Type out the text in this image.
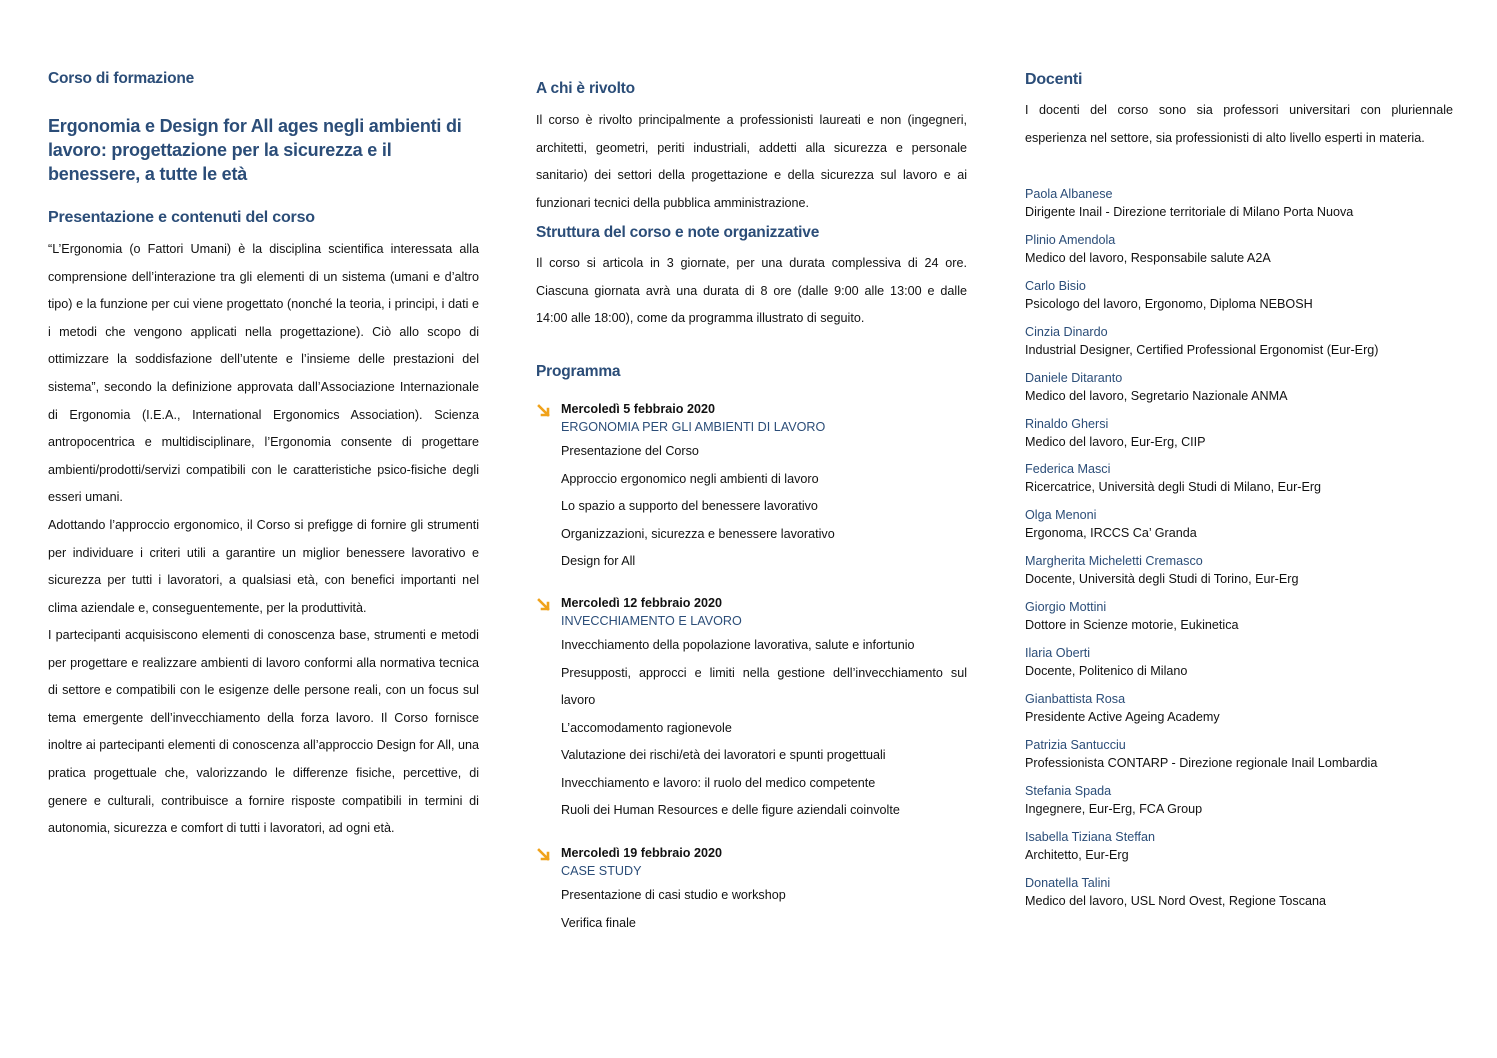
Corso di formazione
Ergonomia e Design for All ages negli ambienti di lavoro: progettazione per la sicurezza e il benessere, a tutte le età
Presentazione e contenuti del corso
“L’Ergonomia (o Fattori Umani) è la disciplina scientifica interessata alla comprensione dell’interazione tra gli elementi di un sistema (umani e d’altro tipo) e la funzione per cui viene progettato (nonché la teoria, i principi, i dati e i metodi che vengono applicati nella progettazione). Ciò allo scopo di ottimizzare la soddisfazione dell’utente e l’insieme delle prestazioni del sistema”, secondo la definizione approvata dall’Associazione Internazionale di Ergonomia (I.E.A., International Ergonomics Association). Scienza antropocentrica e multidisciplinare, l’Ergonomia consente di progettare ambienti/prodotti/servizi compatibili con le caratteristiche psico-fisiche degli esseri umani.
Adottando l’approccio ergonomico, il Corso si prefigge di fornire gli strumenti per individuare i criteri utili a garantire un miglior benessere lavorativo e sicurezza per tutti i lavoratori, a qualsiasi età, con benefici importanti nel clima aziendale e, conseguentemente, per la produttività.
I partecipanti acquisiscono elementi di conoscenza base, strumenti e metodi per progettare e realizzare ambienti di lavoro conformi alla normativa tecnica di settore e compatibili con le esigenze delle persone reali, con un focus sul tema emergente dell’invecchiamento della forza lavoro. Il Corso fornisce inoltre ai partecipanti elementi di conoscenza all’approccio Design for All, una pratica progettuale che, valorizzando le differenze fisiche, percettive, di genere e culturali, contribuisce a fornire risposte compatibili in termini di autonomia, sicurezza e comfort di tutti i lavoratori, ad ogni età.
A chi è rivolto
Il corso è rivolto principalmente a professionisti laureati e non (ingegneri, architetti, geometri, periti industriali, addetti alla sicurezza e personale sanitario) dei settori della progettazione e della sicurezza sul lavoro e ai funzionari tecnici della pubblica amministrazione.
Struttura del corso e note organizzative
Il corso si articola in 3 giornate, per una durata complessiva di 24 ore. Ciascuna giornata avrà una durata di 8 ore (dalle 9:00 alle 13:00 e dalle 14:00 alle 18:00), come da programma illustrato di seguito.
Programma
Mercoledì 5 febbraio 2020
ERGONOMIA PER GLI AMBIENTI DI LAVORO
Presentazione del Corso
Approccio ergonomico negli ambienti di lavoro
Lo spazio a supporto del benessere lavorativo
Organizzazioni, sicurezza e benessere lavorativo
Design for All
Mercoledì 12 febbraio 2020
INVECCHIAMENTO E LAVORO
Invecchiamento della popolazione lavorativa, salute e infortunio
Presupposti, approcci e limiti nella gestione dell’invecchiamento sul lavoro
L’accomodamento ragionevole
Valutazione dei rischi/età dei lavoratori e spunti progettuali
Invecchiamento e lavoro: il ruolo del medico competente
Ruoli dei Human Resources e delle figure aziendali coinvolte
Mercoledì 19 febbraio 2020
CASE STUDY
Presentazione di casi studio e workshop
Verifica finale
Docenti
I docenti del corso sono sia professori universitari con pluriennale esperienza nel settore, sia professionisti di alto livello esperti in materia.
Paola Albanese
Dirigente Inail - Direzione territoriale di Milano Porta Nuova
Plinio Amendola
Medico del lavoro, Responsabile salute A2A
Carlo Bisio
Psicologo del lavoro, Ergonomo, Diploma NEBOSH
Cinzia Dinardo
Industrial Designer, Certified Professional Ergonomist (Eur-Erg)
Daniele Ditaranto
Medico del lavoro, Segretario Nazionale ANMA
Rinaldo Ghersi
Medico del lavoro, Eur-Erg, CIIP
Federica Masci
Ricercatrice, Università degli Studi di Milano, Eur-Erg
Olga Menoni
Ergonoma, IRCCS Ca’ Granda
Margherita Micheletti Cremasco
Docente, Università degli Studi di Torino, Eur-Erg
Giorgio Mottini
Dottore in Scienze motorie, Eukinetica
Ilaria Oberti
Docente, Politenico di Milano
Gianbattista Rosa
Presidente Active Ageing Academy
Patrizia Santucciu
Professionista CONTARP - Direzione regionale Inail Lombardia
Stefania Spada
Ingegnere, Eur-Erg, FCA Group
Isabella Tiziana Steffan
Architetto, Eur-Erg
Donatella Talini
Medico del lavoro, USL Nord Ovest, Regione Toscana
